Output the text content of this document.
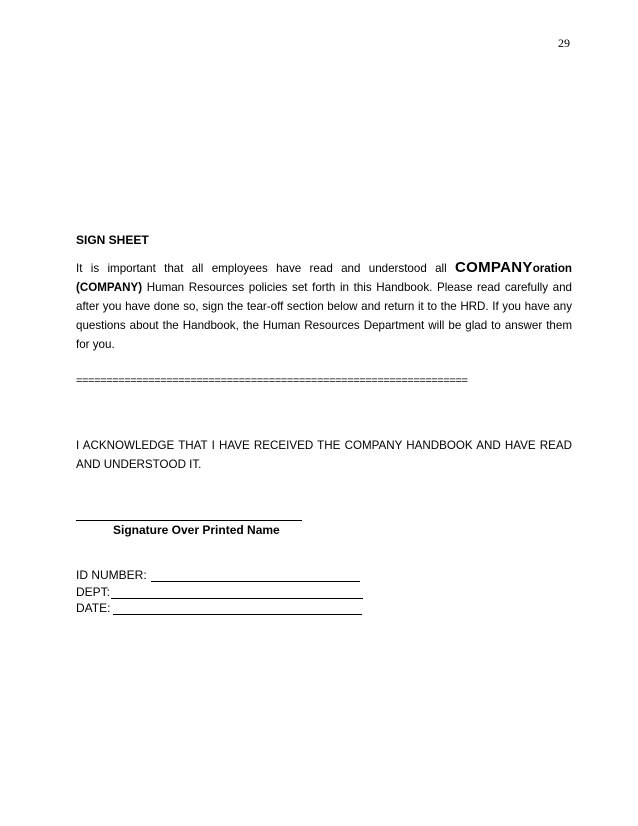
29
SIGN SHEET
It is important that all employees have read and understood all COMPANYoration (COMPANY) Human Resources policies set forth in this Handbook. Please read carefully and after you have done so, sign the tear-off section below and return it to the HRD. If you have any questions about the Handbook, the Human Resources Department will be glad to answer them for you.
=================================================================
I ACKNOWLEDGE THAT I HAVE RECEIVED THE COMPANY HANDBOOK AND HAVE READ AND UNDERSTOOD IT.
Signature Over Printed Name
ID NUMBER:
DEPT:
DATE:
